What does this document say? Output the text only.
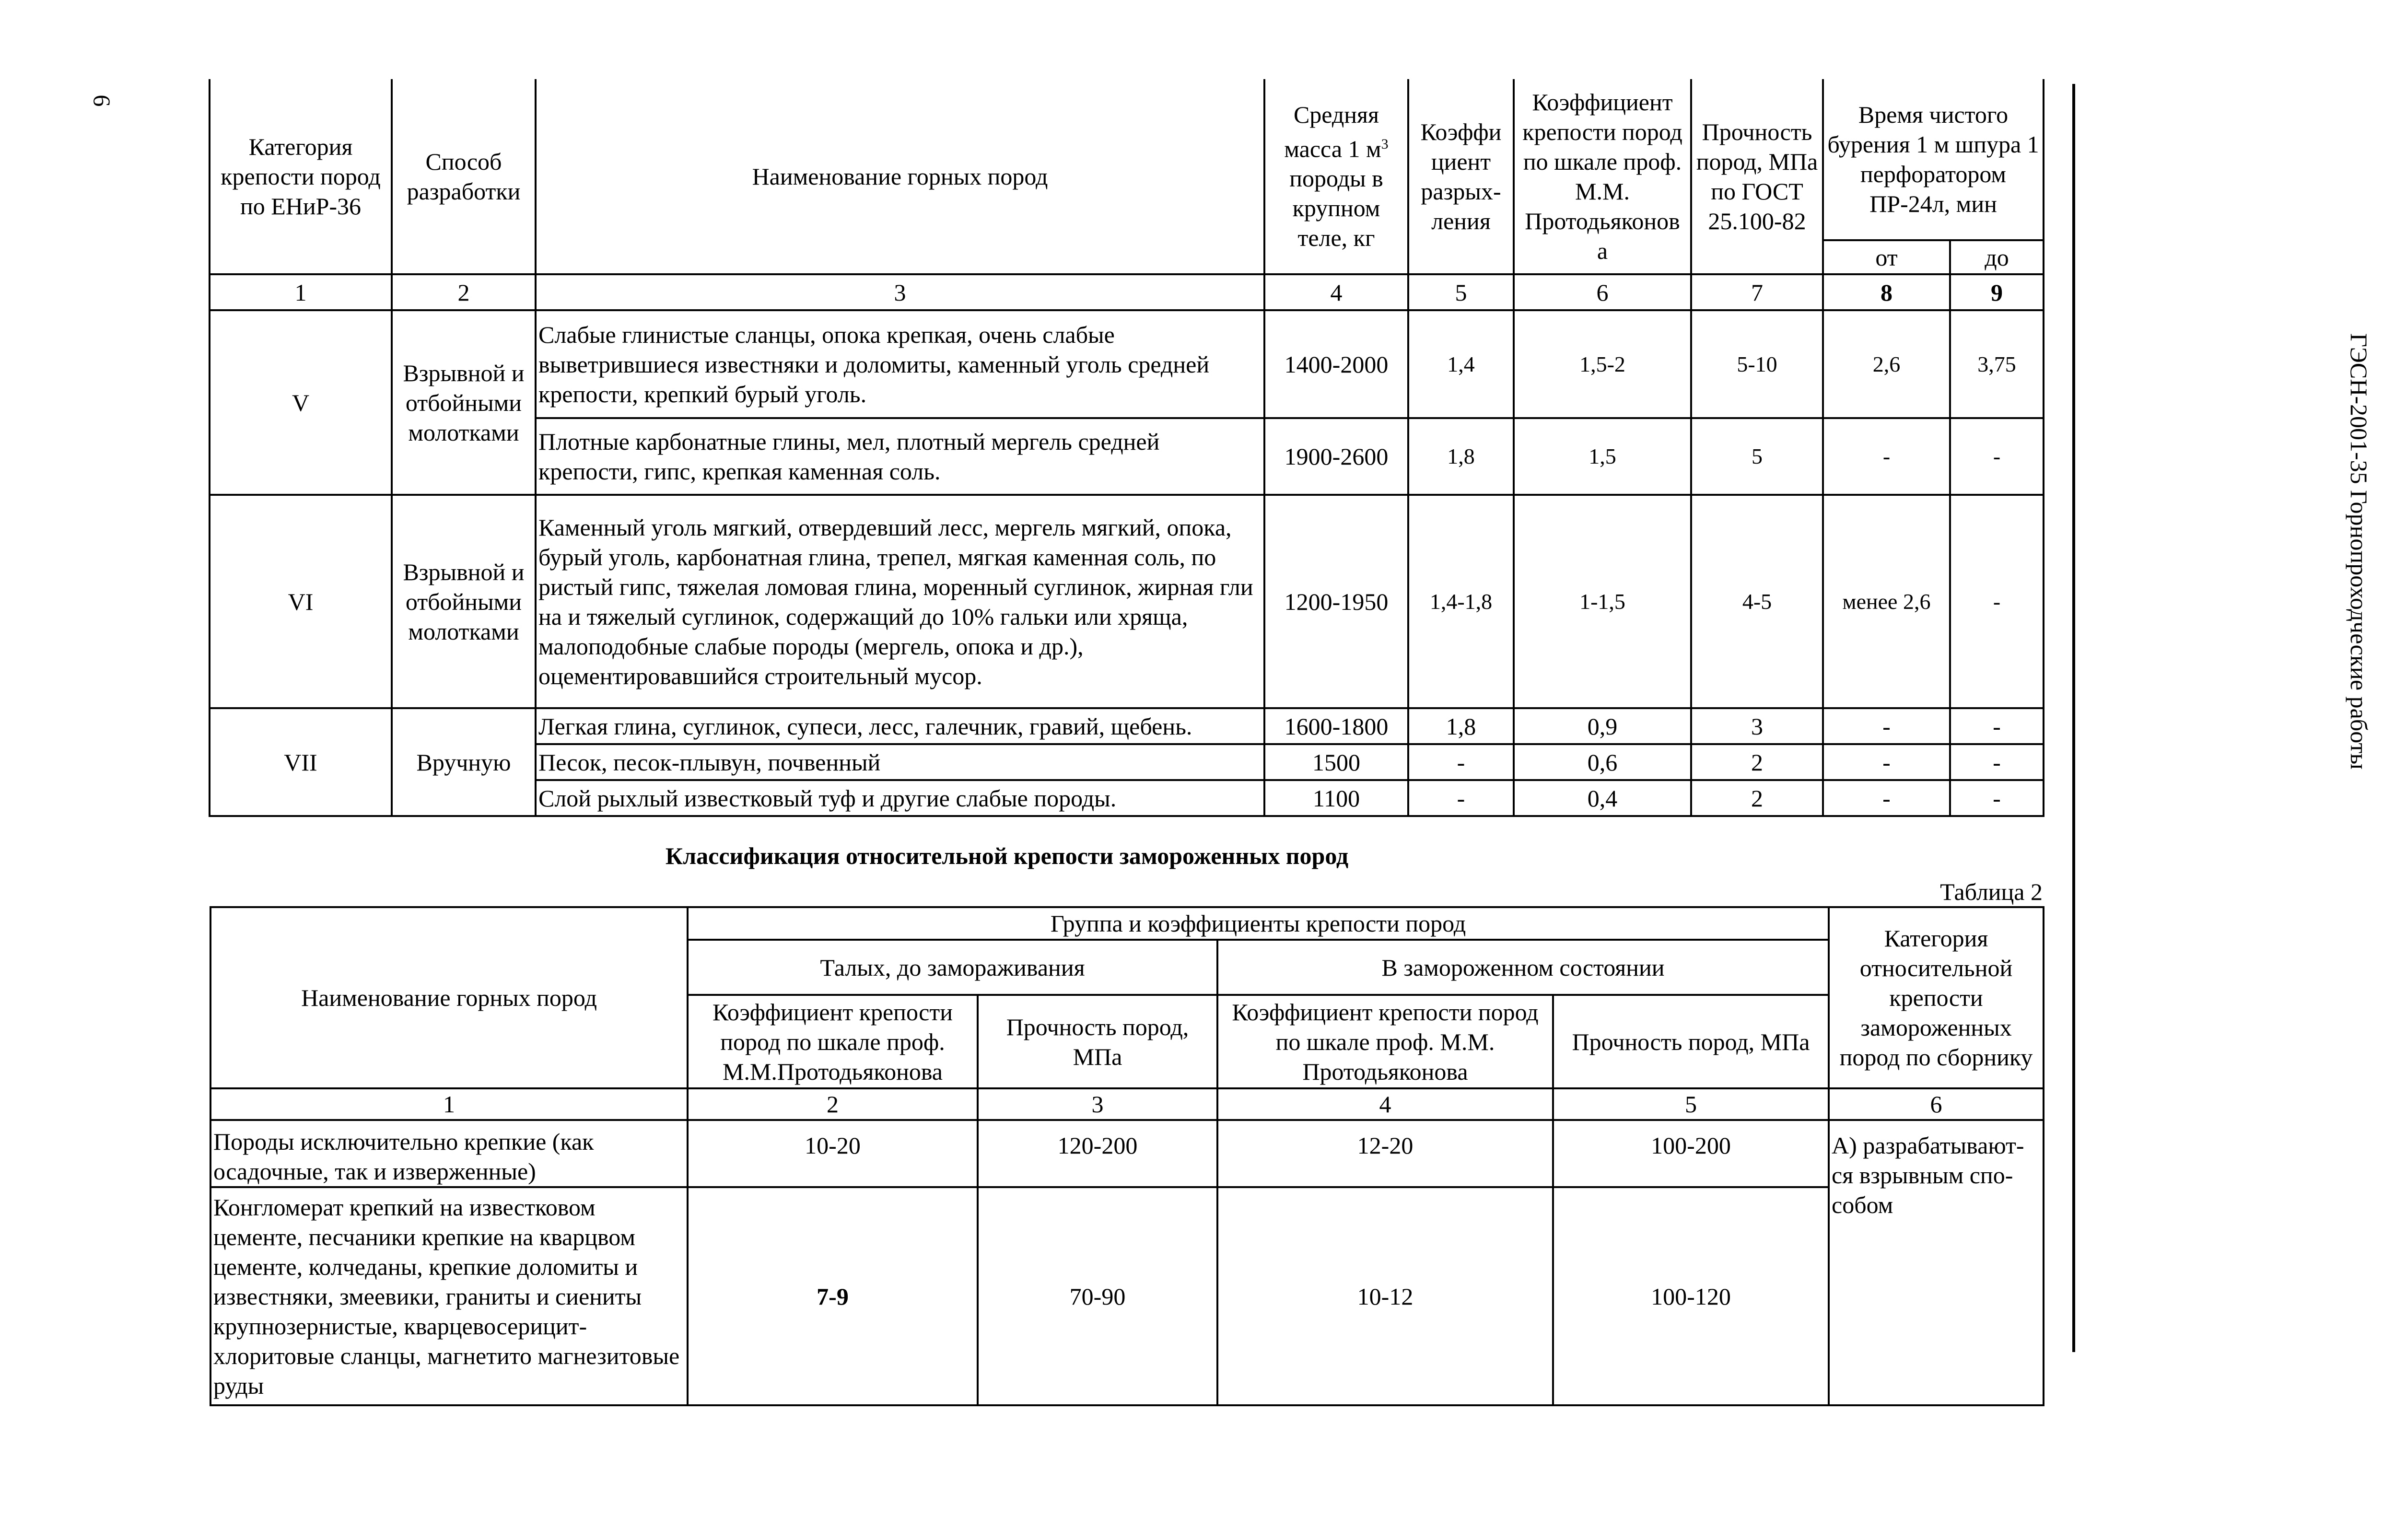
6
ГЭСН-2001-35 Горнопроходческие работы
Категория крепости пород по ЕНиР-36	Способ разработки	Наименование горных пород	Средняя масса 1 $м^3$ породы в крупном теле, кг	Коэффи циент разрых-ления	Коэффициент крепости пород по шкале проф. М.М. Протодьяконов а	Прочность пород, МПа по ГОСТ 25.100-82	Время чистого бурения 1 м шпура 1 перфоратором ПР-24л, мин	
							от	до
1	2	3	4	5	6	7	8	9
V	Взрывной и отбойными молотками	Слабые глинистые сланцы, опока крепкая, очень слабые выветрившиеся известняки и доломиты, каменный уголь средней крепости, крепкий бурый уголь.	1400-2000	1,4	1,5-2	5-10	2,6	3,75
		Плотные карбонатные глины, мел, плотный мергель средней крепости, гипс, крепкая каменная соль.	1900-2600	1,8	1,5	5	-	-
VI	Взрывной и отбойными молотками	Каменный уголь мягкий, отвердевший лесс, мергель мягкий, опока, бурый уголь, карбонатная глина, трепел, мягкая каменная соль, по ристый гипс, тяжелая ломовая глина, моренный суглинок, жирная гли на и тяжелый суглинок, содержащий до 10% гальки или хряща, малоподобные слабые породы (мергель, опока и др.), оцементировавшийся строительный мусор.	1200-1950	1,4-1,8	1-1,5	4-5	менее 2,6	-
VII	Вручную	Легкая глина, суглинок, супеси, лесс, галечник, гравий, щебень.	1600-1800	1,8	0,9	3	-	-
		Песок, песок-плывун, почвенный	1500	-	0,6	2	-	-
		Слой рыхлый известковый туф и другие слабые породы.	1100	-	0,4	2	-	-
Классификация относительной крепости замороженных пород
Таблица 2
Наименование горных пород	Группа и коэффициенты крепости пород				Категория относительной крепости замороженных пород по сборнику
	Талых, до замораживания		В замороженном состоянии		
	Коэффициент крепости пород по шкале проф. М.М.Протодьяконова	Прочность пород, МПа	Коэффициент крепости пород по шкале проф. М.М. Протодьяконова	Прочность пород, МПа	
1	2	3	4	5	6
Породы исключительно крепкие (как осадочные, так и изверженные)	10-20	120-200	12-20	100-200	А) разрабатывают-ся взрывным спо-собом
Конгломерат крепкий на известковом цементе, песчаники крепкие на кварцвом цементе, колчеданы, крепкие доломиты и известняки, змеевики, граниты и сиениты крупнозернистые, кварцевосерицит-хлоритовые сланцы, магнетито магнезитовые руды	7-9	70-90	10-12	100-120	
